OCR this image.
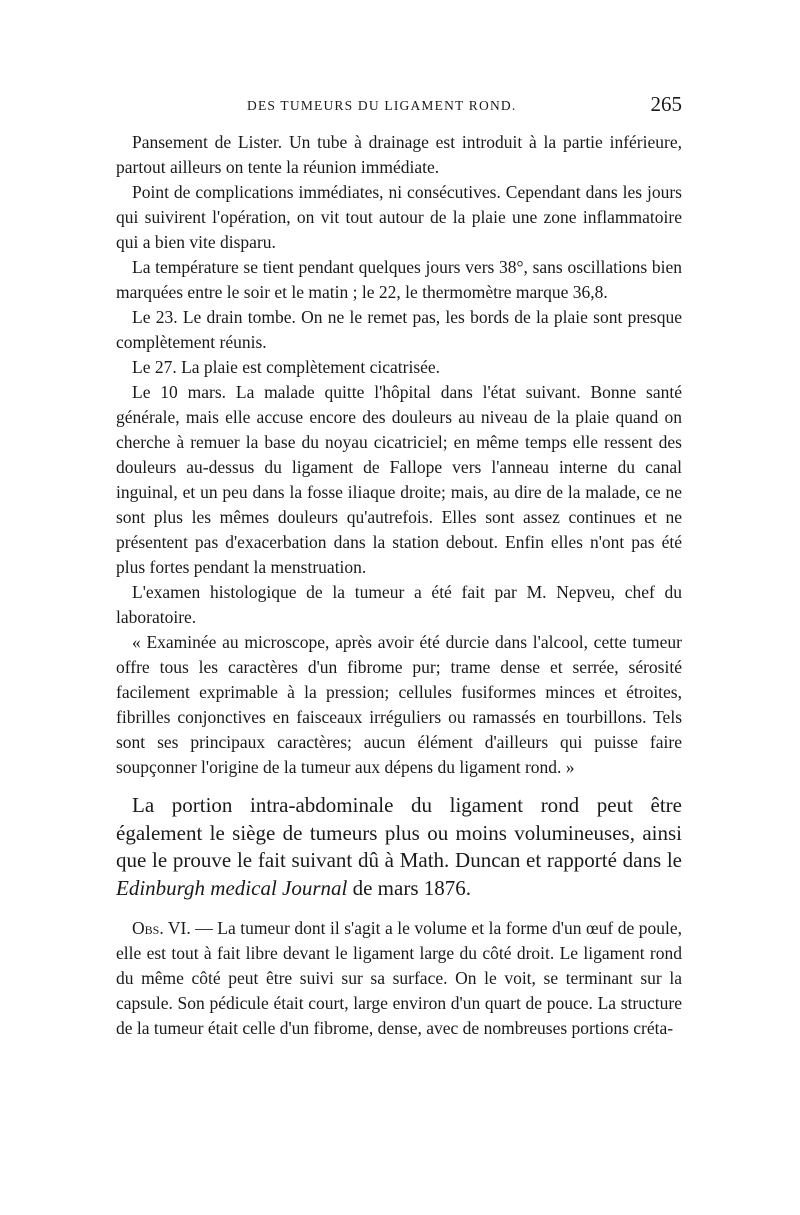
DES TUMEURS DU LIGAMENT ROND.	265

Pansement de Lister. Un tube à drainage est introduit à la partie inférieure, partout ailleurs on tente la réunion immédiate.

Point de complications immédiates, ni consécutives. Cependant dans les jours qui suivirent l'opération, on vit tout autour de la plaie une zone inflammatoire qui a bien vite disparu.

La température se tient pendant quelques jours vers 38°, sans oscillations bien marquées entre le soir et le matin ; le 22, le thermomètre marque 36,8.

Le 23. Le drain tombe. On ne le remet pas, les bords de la plaie sont presque complètement réunis.

Le 27. La plaie est complètement cicatrisée.

Le 10 mars. La malade quitte l'hôpital dans l'état suivant. Bonne santé générale, mais elle accuse encore des douleurs au niveau de la plaie quand on cherche à remuer la base du noyau cicatriciel; en même temps elle ressent des douleurs au-dessus du ligament de Fallope vers l'anneau interne du canal inguinal, et un peu dans la fosse iliaque droite; mais, au dire de la malade, ce ne sont plus les mêmes douleurs qu'autrefois. Elles sont assez continues et ne présentent pas d'exacerbation dans la station debout. Enfin elles n'ont pas été plus fortes pendant la menstruation.

L'examen histologique de la tumeur a été fait par M. Nepveu, chef du laboratoire.

« Examinée au microscope, après avoir été durcie dans l'alcool, cette tumeur offre tous les caractères d'un fibrome pur; trame dense et serrée, sérosité facilement exprimable à la pression; cellules fusiformes minces et étroites, fibrilles conjonctives en faisceaux irréguliers ou ramassés en tourbillons. Tels sont ses principaux caractères; aucun élément d'ailleurs qui puisse faire soupçonner l'origine de la tumeur aux dépens du ligament rond. »

La portion intra-abdominale du ligament rond peut être également le siège de tumeurs plus ou moins volumineuses, ainsi que le prouve le fait suivant dû à Math. Duncan et rapporté dans le Edinburgh medical Journal de mars 1876.

Obs. VI. — La tumeur dont il s'agit a le volume et la forme d'un œuf de poule, elle est tout à fait libre devant le ligament large du côté droit. Le ligament rond du même côté peut être suivi sur sa surface. On le voit, se terminant sur la capsule. Son pédicule était court, large environ d'un quart de pouce. La structure de la tumeur était celle d'un fibrome, dense, avec de nombreuses portions créta-
